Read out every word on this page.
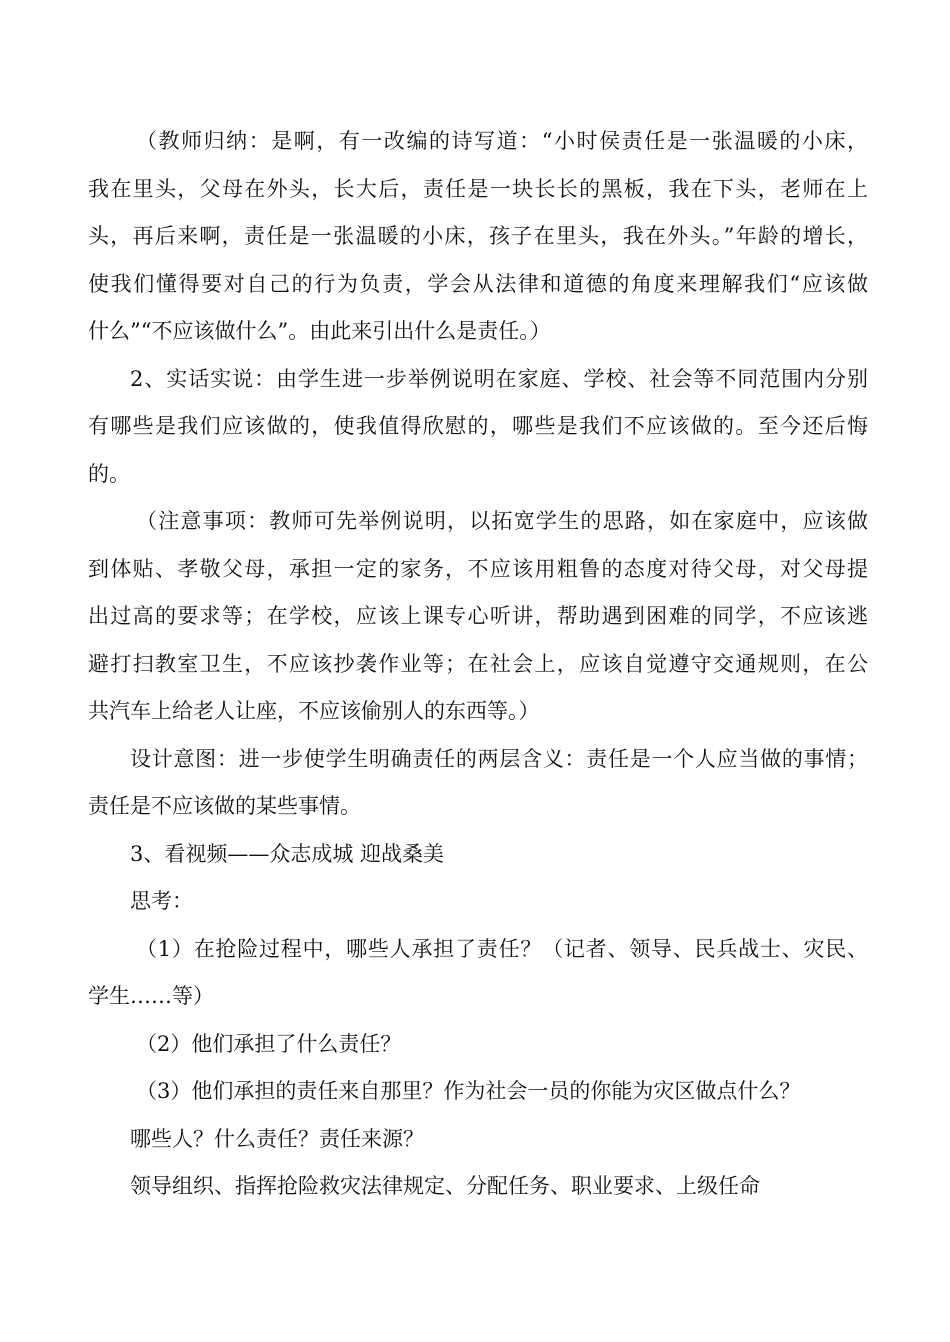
（教师归纳：是啊，有一改编的诗写道：“小时侯责任是一张温暖的小床，
我在里头，父母在外头，长大后，责任是一块长长的黑板，我在下头，老师在上
头，再后来啊，责任是一张温暖的小床，孩子在里头，我在外头。”年龄的增长，
使我们懂得要对自己的行为负责，学会从法律和道德的角度来理解我们“应该做
什么”“不应该做什么”。由此来引出什么是责任。）
2、实话实说：由学生进一步举例说明在家庭、学校、社会等不同范围内分别
有哪些是我们应该做的，使我值得欣慰的，哪些是我们不应该做的。至今还后悔
的。
（注意事项：教师可先举例说明，以拓宽学生的思路，如在家庭中，应该做
到体贴、孝敬父母，承担一定的家务，不应该用粗鲁的态度对待父母，对父母提
出过高的要求等；在学校，应该上课专心听讲，帮助遇到困难的同学，不应该逃
避打扫教室卫生，不应该抄袭作业等；在社会上，应该自觉遵守交通规则，在公
共汽车上给老人让座，不应该偷别人的东西等。）
设计意图：进一步使学生明确责任的两层含义：责任是一个人应当做的事情；
责任是不应该做的某些事情。
3、看视频——众志成城 迎战桑美
思考：
（1）在抢险过程中，哪些人承担了责任？（记者、领导、民兵战士、灾民、
学生……等）
（2）他们承担了什么责任？
（3）他们承担的责任来自那里？作为社会一员的你能为灾区做点什么？
哪些人？什么责任？责任来源？
领导组织、指挥抢险救灾法律规定、分配任务、职业要求、上级任命
